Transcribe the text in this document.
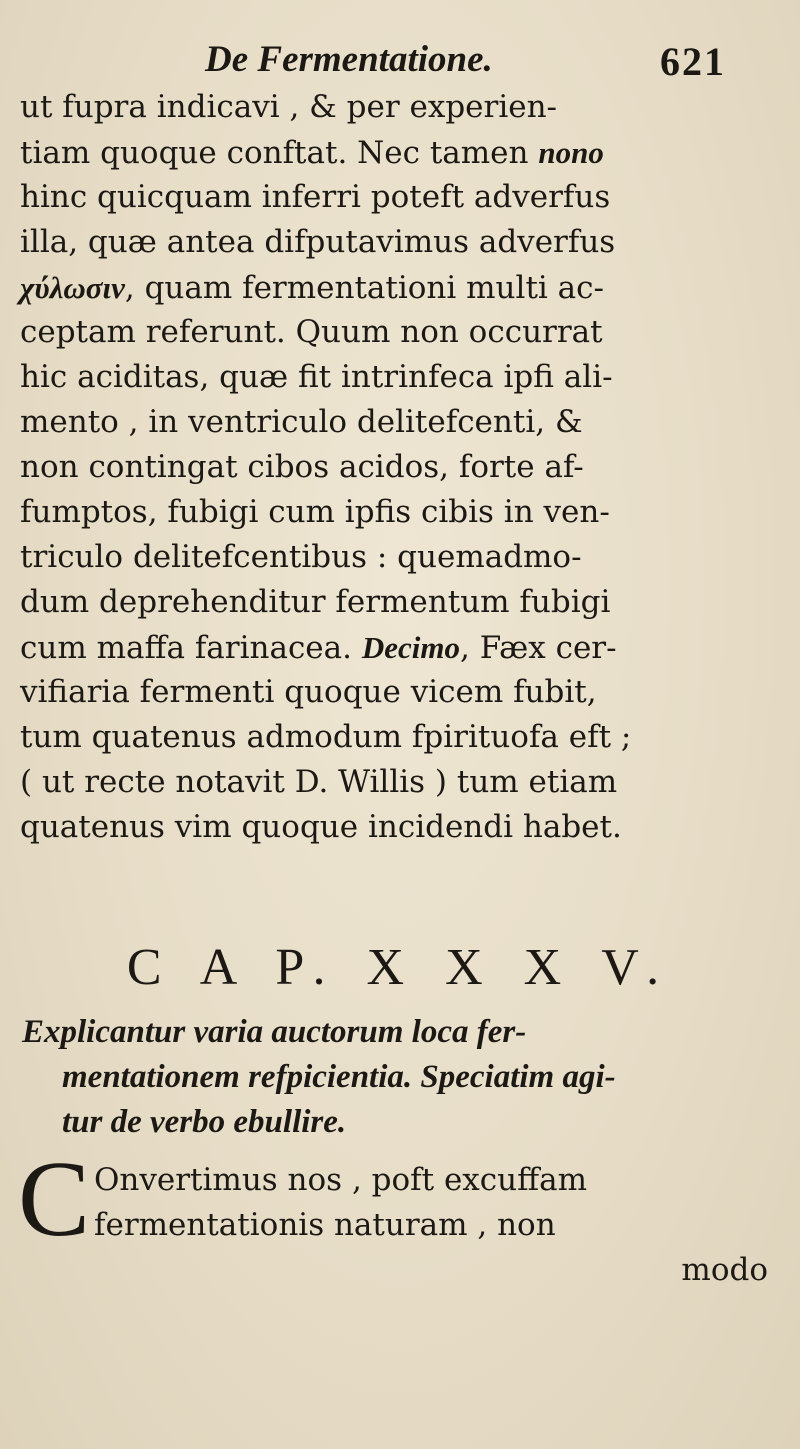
De Fermentatione.	621
ut fupra indicavi , & per experien-
tiam quoque conftat. Nec tamen nono
hinc quicquam inferri poteft adverfus
illa, quæ antea difputavimus adverfus
χύλωσιν, quam fermentationi multi ac-
ceptam referunt. Quum non occurrat
hic aciditas, quæ fit intrinfeca ipfi ali-
mento , in ventriculo delitefcenti, &
non contingat cibos acidos, forte af-
fumptos, fubigi cum ipfis cibis in ven-
triculo delitefcentibus : quemadmo-
dum deprehenditur fermentum fubigi
cum maffa farinacea. Decimo, Fæx cer-
vifiaria fermenti quoque vicem fubit,
tum quatenus admodum fpirituofa eft ;
( ut recte notavit D. Willis ) tum etiam
quatenus vim quoque incidendi habet.
C A P. X X X V.
Explicantur varia auctorum loca fer-
mentationem refpicientia. Speciatim agi-
tur de verbo ebullire.
C Onvertimus nos , poft excuffam
fermentationis naturam , non
modo
